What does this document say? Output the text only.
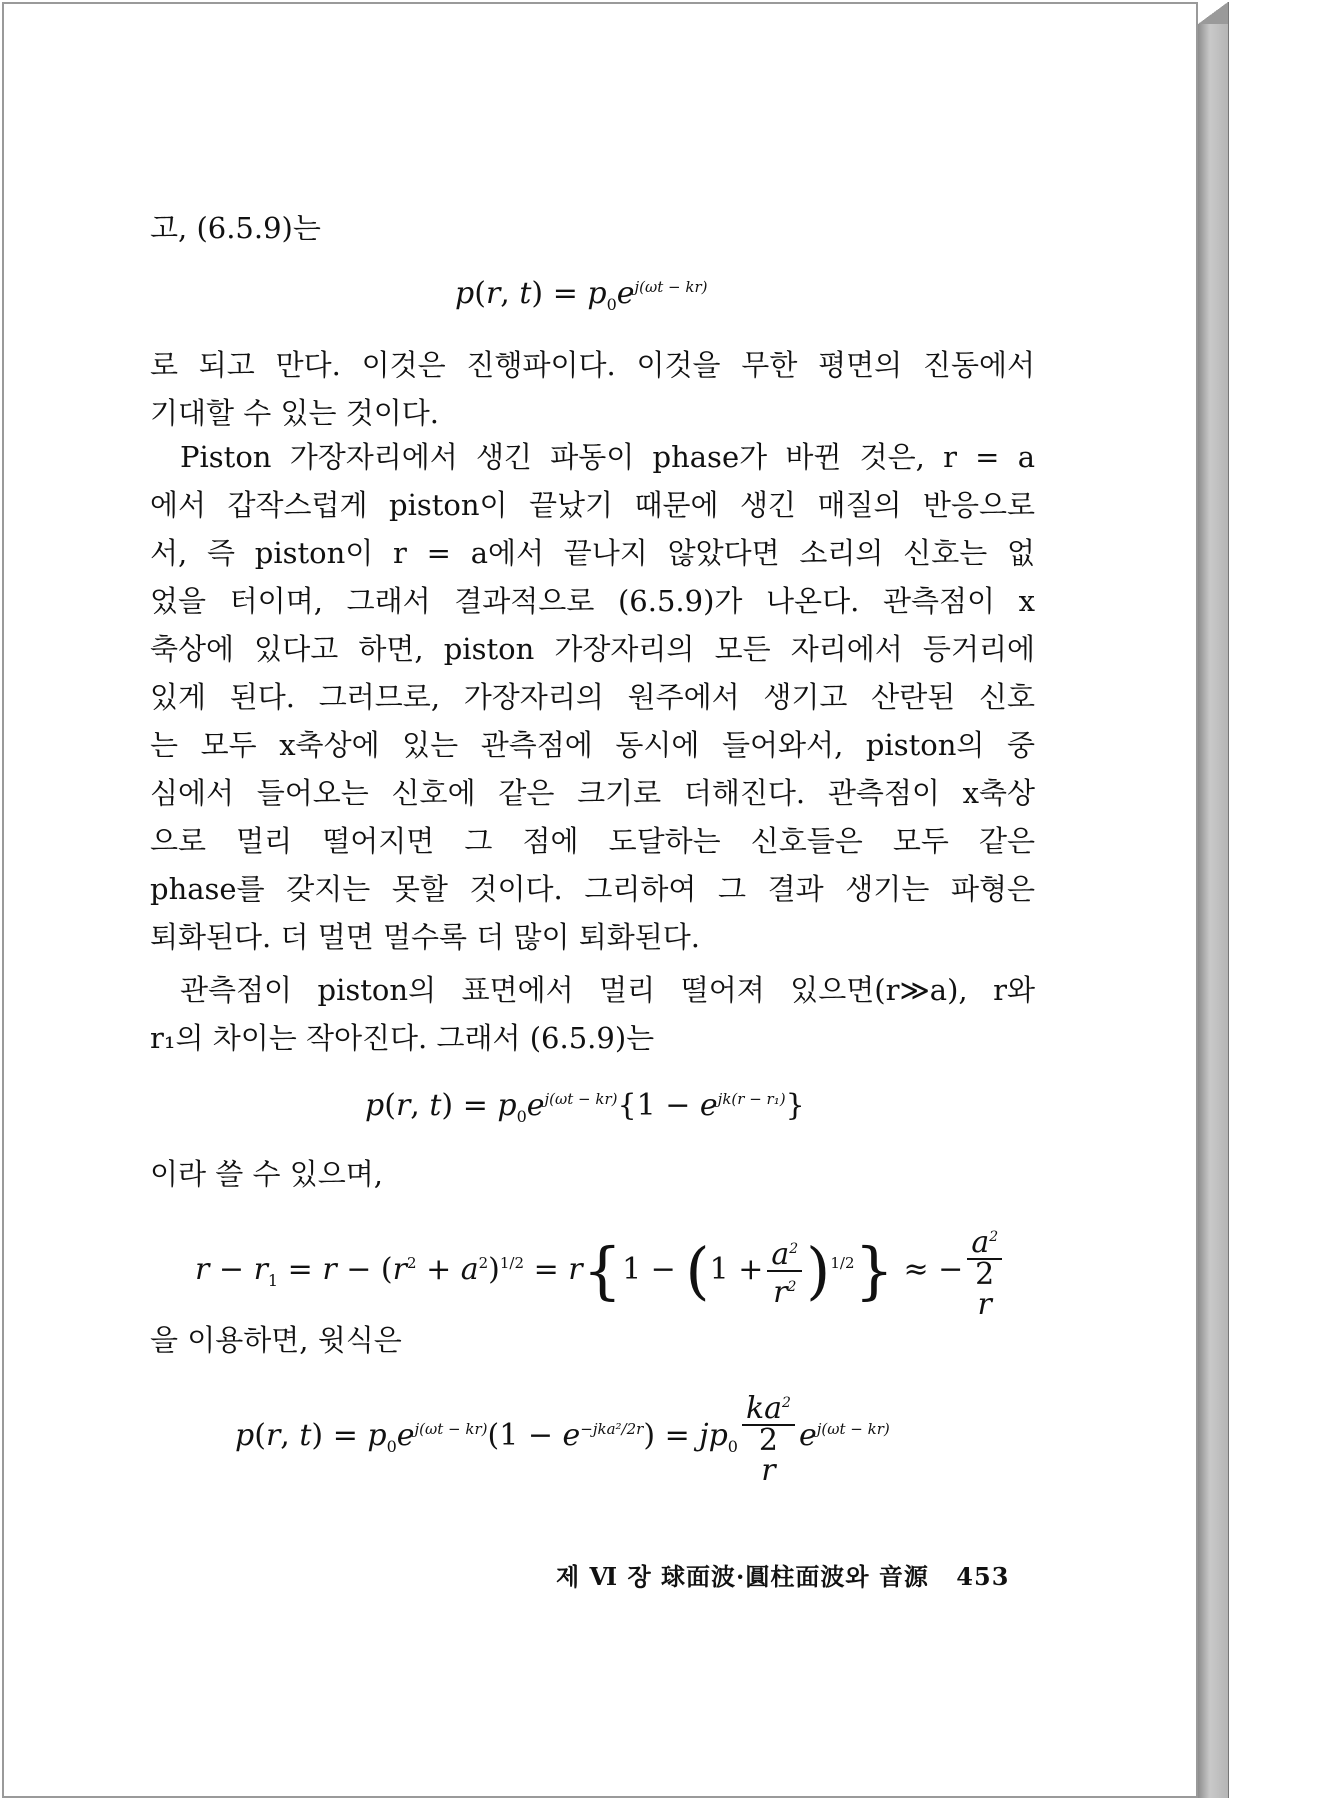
고, (6.5.9)는

p(r, $t) = p_0e^{j(\omega t - kr)}$

로 되고 만다. 이것은 진행파이다. 이것을 무한 평면의 진동에서

기대할 수 있는 것이다.

Piston 가장자리에서 생긴 파동이 phase가 바뀐 것은, r = a

에서 갑작스럽게 piston이 끝났기 때문에 생긴 매질의 반응으로

서, 즉 piston이 r = a에서 끝나지 않았다면 소리의 신호는 없

었을 터이며, 그래서 결과적으로 (6.5.9)가 나온다. 관측점이 x

축상에 있다고 하면, piston 가장자리의 모든 자리에서 등거리에

있게 된다. 그러므로, 가장자리의 원주에서 생기고 산란된 신호

는 모두 x축상에 있는 관측점에 동시에 들어와서, piston의 중

심에서 들어오는 신호에 같은 크기로 더해진다. 관측점이 x축상

으로 멀리 떨어지면 그 점에 도달하는 신호들은 모두 같은

phase를 갖지는 못할 것이다. 그리하여 그 결과 생기는 파형은

퇴화된다. 더 멀면 멀수록 더 많이 퇴화된다.

관측점이 piston의 표면에서 멀리 떨어져 있으면(r≫a), r와

r₁의 차이는 작아진다. 그래서 (6.5.9)는

p(r, $t) = p_0e^{j(\omega t - kr)}\{1 - e^{jk(r - r_1)}\}$

이라 쓸 수 있으며,

$r - r_1 = r - (r^2 + a^2)^{1/2} = r\{1 - (1 + \frac{a^2}{r^2} )^{1/2}\}$ ≈ − $a^2$
2
r

을 이용하면, 윗식은

p(r, $t) = p_0e^{j(\omega t - kr)}(1 - e^{-jka^2/2r}) = jp_0$ $ka^2$
2
r $e^{j(\omega t - kr)}$
제 Ⅵ 장 球面波·圓柱面波와 音源 453
